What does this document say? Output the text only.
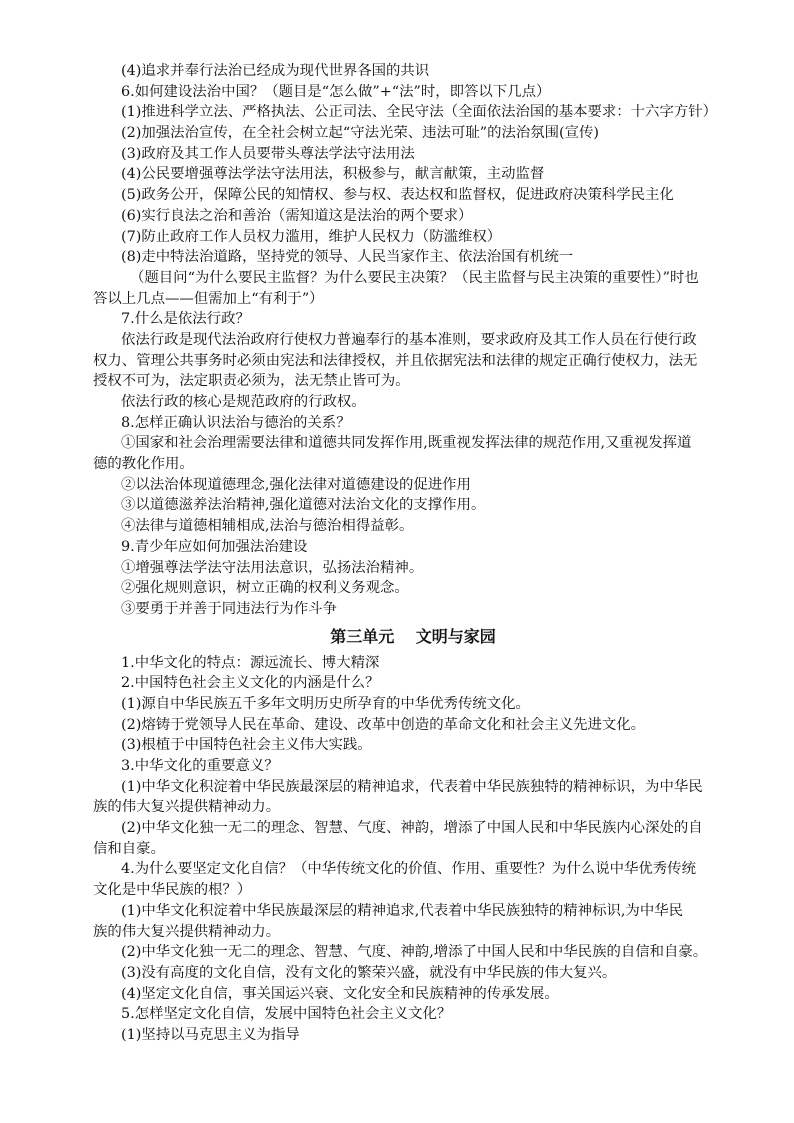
(4)追求并奉行法治已经成为现代世界各国的共识
6.如何建设法治中国？（题目是“怎么做”+“法”时，即答以下几点）
(1)推进科学立法、严格执法、公正司法、全民守法（全面依法治国的基本要求：十六字方针）
(2)加强法治宣传，在全社会树立起“守法光荣、违法可耻”的法治氛围(宣传)
(3)政府及其工作人员要带头尊法学法守法用法
(4)公民要增强尊法学法守法用法，积极参与，献言献策，主动监督
(5)政务公开，保障公民的知情权、参与权、表达权和监督权，促进政府决策科学民主化
(6)实行良法之治和善治（需知道这是法治的两个要求）
(7)防止政府工作人员权力滥用，维护人民权力（防滥维权）
(8)走中特法治道路，坚持党的领导、人民当家作主、依法治国有机统一
（题目问“为什么要民主监督？为什么要民主决策？（民主监督与民主决策的重要性）”时也
答以上几点——但需加上“有利于”）
7.什么是依法行政？
依法行政是现代法治政府行使权力普遍奉行的基本准则，要求政府及其工作人员在行使行政
权力、管理公共事务时必须由宪法和法律授权，并且依据宪法和法律的规定正确行使权力，法无
授权不可为，法定职责必须为，法无禁止皆可为。
依法行政的核心是规范政府的行政权。
8.怎样正确认识法治与德治的关系？
①国家和社会治理需要法律和道德共同发挥作用,既重视发挥法律的规范作用,又重视发挥道
德的教化作用。
②以法治体现道德理念,强化法律对道德建设的促进作用
③以道德滋养法治精神,强化道德对法治文化的支撑作用。
④法律与道德相辅相成,法治与德治相得益彰。
9.青少年应如何加强法治建设
①增强尊法学法守法用法意识，弘扬法治精神。
②强化规则意识，树立正确的权利义务观念。
③要勇于并善于同违法行为作斗争
第三单元　 文明与家园
1.中华文化的特点：源远流长、博大精深
2.中国特色社会主义文化的内涵是什么？
(1)源自中华民族五千多年文明历史所孕育的中华优秀传统文化。
(2)熔铸于党领导人民在革命、建设、改革中创造的革命文化和社会主义先进文化。
(3)根植于中国特色社会主义伟大实践。
3.中华文化的重要意义？
(1)中华文化积淀着中华民族最深层的精神追求，代表着中华民族独特的精神标识，为中华民
族的伟大复兴提供精神动力。
(2)中华文化独一无二的理念、智慧、气度、神韵，增添了中国人民和中华民族内心深处的自
信和自豪。
4.为什么要坚定文化自信？（中华传统文化的价值、作用、重要性？为什么说中华优秀传统
文化是中华民族的根？）
(1)中华文化积淀着中华民族最深层的精神追求,代表着中华民族独特的精神标识,为中华民
族的伟大复兴提供精神动力。
(2)中华文化独一无二的理念、智慧、气度、神韵,增添了中国人民和中华民族的自信和自豪。
(3)没有高度的文化自信，没有文化的繁荣兴盛，就没有中华民族的伟大复兴。
(4)坚定文化自信，事关国运兴衰、文化安全和民族精神的传承发展。
5.怎样坚定文化自信，发展中国特色社会主义文化？
(1)坚持以马克思主义为指导
